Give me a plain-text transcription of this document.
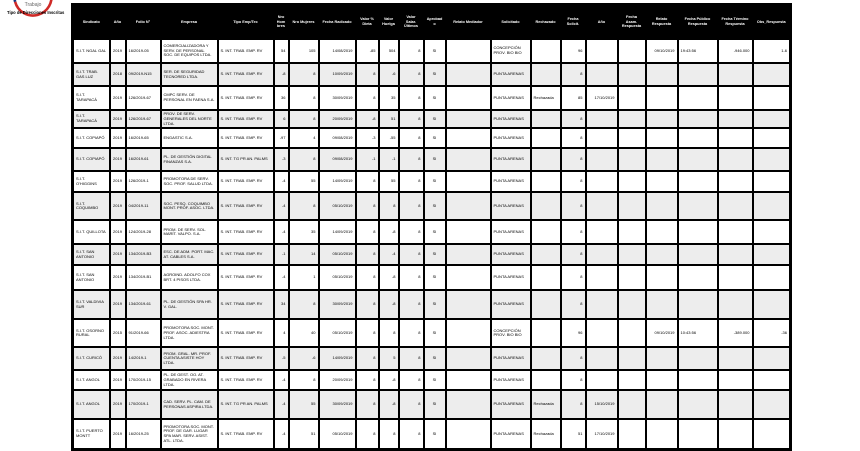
Trabajo
Tipo de Direcciones Inscritas
Sindicato	Año	Folio N°	Empresa	Tipo Emp/Tec	Nro Hombres	Nro Mujeres	Fecha Radicado	Valor % Dieta	Valor Huelga	Valor Salar. Últimos	Aprobado	Relato Mediador	Solicitado	Rechazado	Fecha Solicit.	Año	Fecha Asam. Respuesta	Relato Respuesta	Fecha Público Respuesta	Fecha Término Respuesta	Obs_Respuesta
S.I.T. NGAL GAL	2019	16/2019-05	COMERCIALIZADORA Y SERV. DE PERSONAL SOC. DE EQUIPOS LTDA.	S. INT. TRAB. EMP. RV	54	105	14/08/2019	-85	504	8	SI		CONCEPCIÓN PROV. BIO BIO		96			09/10/2019	19:43:56	-946.000	1-6
S.I.T. TRAB. GAS LUZ	2018	09/2019-N15	SER. DE SEGURIDAD TECNORED LTDA.	S. INT. TRAB. EMP. RV	-8	8	10/09/2019	8	-6	8	SI		PUNTA ARENAS		8						
S.I.T. TARAPACÁ	2019	126/2019-67	CMPC SERV. DE PERSONAL EN FAENA S.A.	S. INT. TRAB. EMP. RV	36	8	30/09/2019	8	35	8	SI		PUNTA ARENAS	Rechazada	85	17/10/2019					
S.I.T. TARAPACÁ	2019	126/2019-67	PROV. DE SERV. GENERALES DEL NORTE LTDA.	S. INT. TRAB. EMP. RV	6	8	20/09/2019	-8	51	8	SI		PUNTA ARENAS		8						
S.I.T. COPIAPÓ	2019	16/2019-65	ENGASTIC S.A.	S. INT. TRAB. EMP. RV	-97	4	09/08/2019	-3	-55	8	SI		PUNTA ARENAS		8						
S.I.T. COPIAPÓ	2019	16/2019-61	PL. DE GESTIÓN DIGITAL FINANZAS S.A.	S. INT. TG PR AN. PALMS	-3	8	09/08/2019	-1	-1	8	SI		PUNTA ARENAS		8						
S.I.T. O'HIGGINS	2019	126/2019-1	PROMOTORA DE SERV. SOC. PROF. SALUD LTDA.	S. INT. TRAB. EMP. RV	-4	55	14/09/2019	8	55	8	SI		PUNTA ARENAS		8						
S.I.T. COQUIMBO	2019	04/2019-11	SOC. PESQ. COQUIMBO MONT. PROF. ASOC. LTDA.	S. INT. TRAB. EMP. RV	-4	8	05/10/2019	8	8	8	SI		PUNTA ARENAS		8						
S.I.T. QUILLOTA	2019	124/2019-28	PROM. DE SERV. SOL. MARÍT. VALPO. S.A.	S. INT. TRAB. EMP. RV	-4	35	14/09/2019	8	-8	8	SI		PUNTA ARENAS		8						
S.I.T. SAN ANTONIO	2019	134/2019-B3	ESC. DE ADM. PORT. MAC. AT. CABLES S.A.	S. INT. TRAB. EMP. RV	-1	14	05/10/2019	8	-4	8	SI		PUNTA ARENAS		8						
S.I.T. SAN ANTONIO	2019	134/2019-B1	AGROIND. ADOLFO COX BRT. 4 PISOS LTDA.	S. INT. TRAB. EMP. RV	-4	1	05/10/2019	8	-8	8	SI		PUNTA ARENAS		8						
S.I.T. VALDIVIA SUR	2019	134/2019-61	PL. DE GESTIÓN SPA HR. V. GAL.	S. INT. TRAB. EMP. RV	34	8	30/09/2019	8	-8	8	SI		PUNTA ARENAS		8						
S.I.T. OSORNO RURAL	2015	91/2019-66	PROMOTORA SOC. MONT. PROF. ASOC. ADIESTRA LTDA.	S. INT. TRAB. EMP. RV	4	40	05/10/2019	8	8	8	SI		CONCEPCIÓN PROV. BIO BIO		96			09/10/2019	10:43:56	-389.000	-36
S.I.T. CURICÓ	2019	14/2019-1	PROM. GRAL. MR. PROF. CUENTA ASISTE HOY LTDA.	S. INT. TRAB. EMP. RV	-5	-6	14/09/2019	8	5	8	SI		PUNTA ARENAS		8						
S.I.T. ANGOL	2019	170/2019-15	PL. DE GEST. OO. AT. GRABADO EN RIVERA LTDA.	S. INT. TRAB. EMP. RV	-4	8	20/09/2019	8	-8	8	SI		PUNTA ARENAS		8						
S.I.T. ANGOL	2019	170/2019-1	CAD. SERV. PL. CAM. DE PERSONAS ASPIRA LTDA.	S. INT. TG PR AN. PALMS	-4	55	30/09/2019	8	-8	8	SI		PUNTA ARENAS	Rechazada	8	15/10/2019					
S.I.T. PUERTO MONTT	2019	16/2019-25	PROMOTORA SOC. MONT. PROF. DE GAR. LUGAR SPA MAR. SERV. ASIST. ATL. LTDA.	S. INT. TRAB. EMP. RV	-4	51	05/10/2019	8	8	8	SI		PUNTA ARENAS	Rechazada	51	17/10/2019					
